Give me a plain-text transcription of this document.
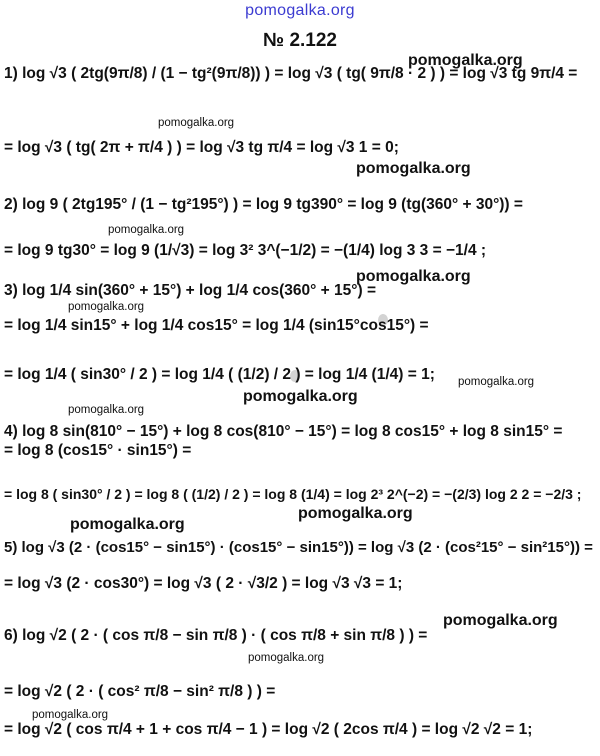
pomogalka.org
№ 2.122
pomogalka.org
pomogalka.org
pomogalka.org
pomogalka.org
pomogalka.org
pomogalka.org
pomogalka.org
pomogalka.org
pomogalka.org
pomogalka.org
pomogalka.org
pomogalka.org
pomogalka.org
pomogalka.org
1) log √3 ( 2tg(9π/8) / (1 − tg²(9π/8)) ) = log √3 ( tg( 9π/8 · 2 ) ) = log √3 tg 9π/4 =
= log √3 ( tg( 2π + π/4 ) ) = log √3 tg π/4 = log √3 1 = 0;
2) log 9 ( 2tg195° / (1 − tg²195°) ) = log 9 tg390° = log 9 (tg(360° + 30°)) =
= log 9 tg30° = log 9 (1/√3) = log 3² 3^(−1/2) = −(1/4) log 3 3 = −1/4 ;
3) log 1/4 sin(360° + 15°) + log 1/4 cos(360° + 15°) =
= log 1/4 sin15° + log 1/4 cos15° = log 1/4 (sin15°cos15°) =
= log 1/4 ( sin30° / 2 ) = log 1/4 ( (1/2) / 2 ) = log 1/4 (1/4) = 1;
4) log 8 sin(810° − 15°) + log 8 cos(810° − 15°) = log 8 cos15° + log 8 sin15° =
= log 8 (cos15° · sin15°) =
= log 8 ( sin30° / 2 ) = log 8 ( (1/2) / 2 ) = log 8 (1/4) = log 2³ 2^(−2) = −(2/3) log 2 2 = −2/3 ;
5) log √3 (2 · (cos15° − sin15°) · (cos15° − sin15°)) = log √3 (2 · (cos²15° − sin²15°)) =
= log √3 (2 · cos30°) = log √3 ( 2 · √3/2 ) = log √3 √3 = 1;
6) log √2 ( 2 · ( cos π/8 − sin π/8 ) · ( cos π/8 + sin π/8 ) ) =
= log √2 ( 2 · ( cos² π/8 − sin² π/8 ) ) =
= log √2 ( cos π/4 + 1 + cos π/4 − 1 ) = log √2 ( 2cos π/4 ) = log √2 √2 = 1;
